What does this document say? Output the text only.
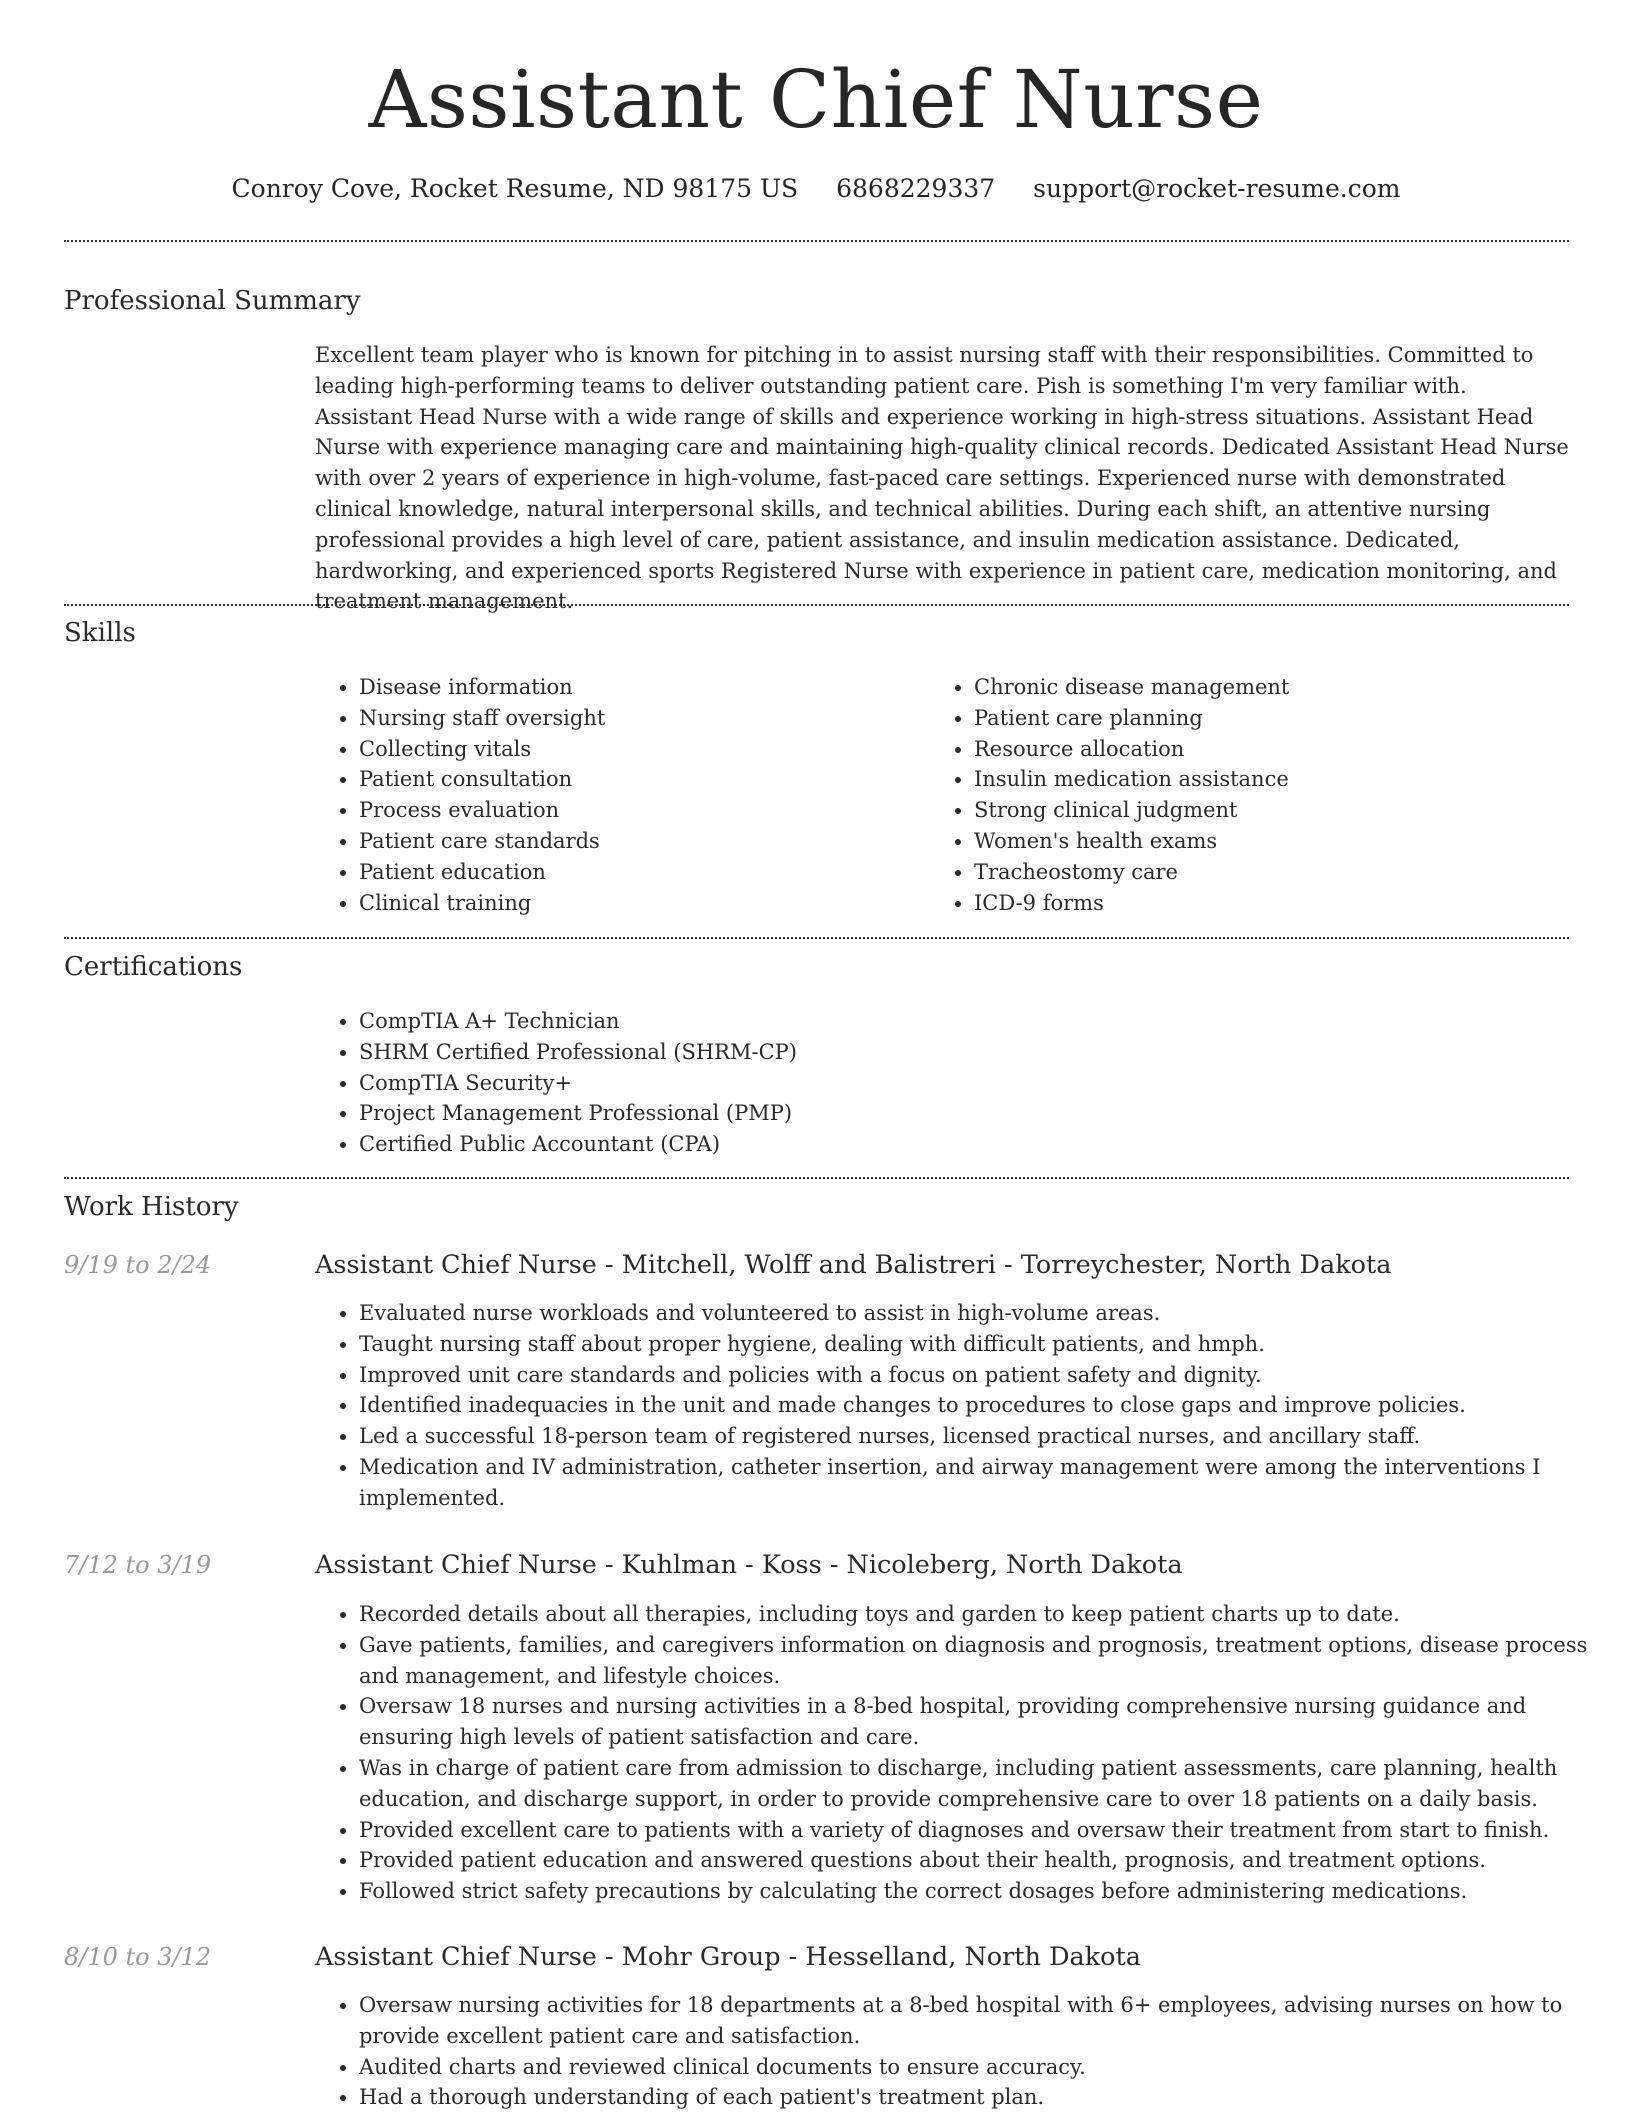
Assistant Chief Nurse
Conroy Cove, Rocket Resume, ND 98175 US 6868229337 support@rocket-resume.com
Professional Summary

Excellent team player who is known for pitching in to assist nursing staff with their responsibilities. Committed to leading high-performing teams to deliver outstanding patient care. Pish is something I'm very familiar with. Assistant Head Nurse with a wide range of skills and experience working in high-stress situations. Assistant Head Nurse with experience managing care and maintaining high-quality clinical records. Dedicated Assistant Head Nurse with over 2 years of experience in high-volume, fast-paced care settings. Experienced nurse with demonstrated clinical knowledge, natural interpersonal skills, and technical abilities. During each shift, an attentive nursing professional provides a high level of care, patient assistance, and insulin medication assistance. Dedicated, hardworking, and experienced sports Registered Nurse with experience in patient care, medication monitoring, and treatment management.

Skills
• Disease information
• Nursing staff oversight
• Collecting vitals
• Patient consultation
• Process evaluation
• Patient care standards
• Patient education
• Clinical training
• Chronic disease management
• Patient care planning
• Resource allocation
• Insulin medication assistance
• Strong clinical judgment
• Women's health exams
• Tracheostomy care
• ICD-9 forms
Certifications
• CompTIA A+ Technician
• SHRM Certified Professional (SHRM-CP)
• CompTIA Security+
• Project Management Professional (PMP)
• Certified Public Accountant (CPA)
Work History
9/19 to 2/24	Assistant Chief Nurse - Mitchell, Wolff and Balistreri - Torreychester, North Dakota
• Evaluated nurse workloads and volunteered to assist in high-volume areas.
• Taught nursing staff about proper hygiene, dealing with difficult patients, and hmph.
• Improved unit care standards and policies with a focus on patient safety and dignity.
• Identified inadequacies in the unit and made changes to procedures to close gaps and improve policies.
• Led a successful 18-person team of registered nurses, licensed practical nurses, and ancillary staff.
• Medication and IV administration, catheter insertion, and airway management were among the interventions I implemented.
7/12 to 3/19	Assistant Chief Nurse - Kuhlman - Koss - Nicoleberg, North Dakota
• Recorded details about all therapies, including toys and garden to keep patient charts up to date.
• Gave patients, families, and caregivers information on diagnosis and prognosis, treatment options, disease process and management, and lifestyle choices.
• Oversaw 18 nurses and nursing activities in a 8-bed hospital, providing comprehensive nursing guidance and ensuring high levels of patient satisfaction and care.
• Was in charge of patient care from admission to discharge, including patient assessments, care planning, health education, and discharge support, in order to provide comprehensive care to over 18 patients on a daily basis.
• Provided excellent care to patients with a variety of diagnoses and oversaw their treatment from start to finish.
• Provided patient education and answered questions about their health, prognosis, and treatment options.
• Followed strict safety precautions by calculating the correct dosages before administering medications.
8/10 to 3/12	Assistant Chief Nurse - Mohr Group - Hesselland, North Dakota
• Oversaw nursing activities for 18 departments at a 8-bed hospital with 6+ employees, advising nurses on how to provide excellent patient care and satisfaction.
• Audited charts and reviewed clinical documents to ensure accuracy.
• Had a thorough understanding of each patient's treatment plan.
